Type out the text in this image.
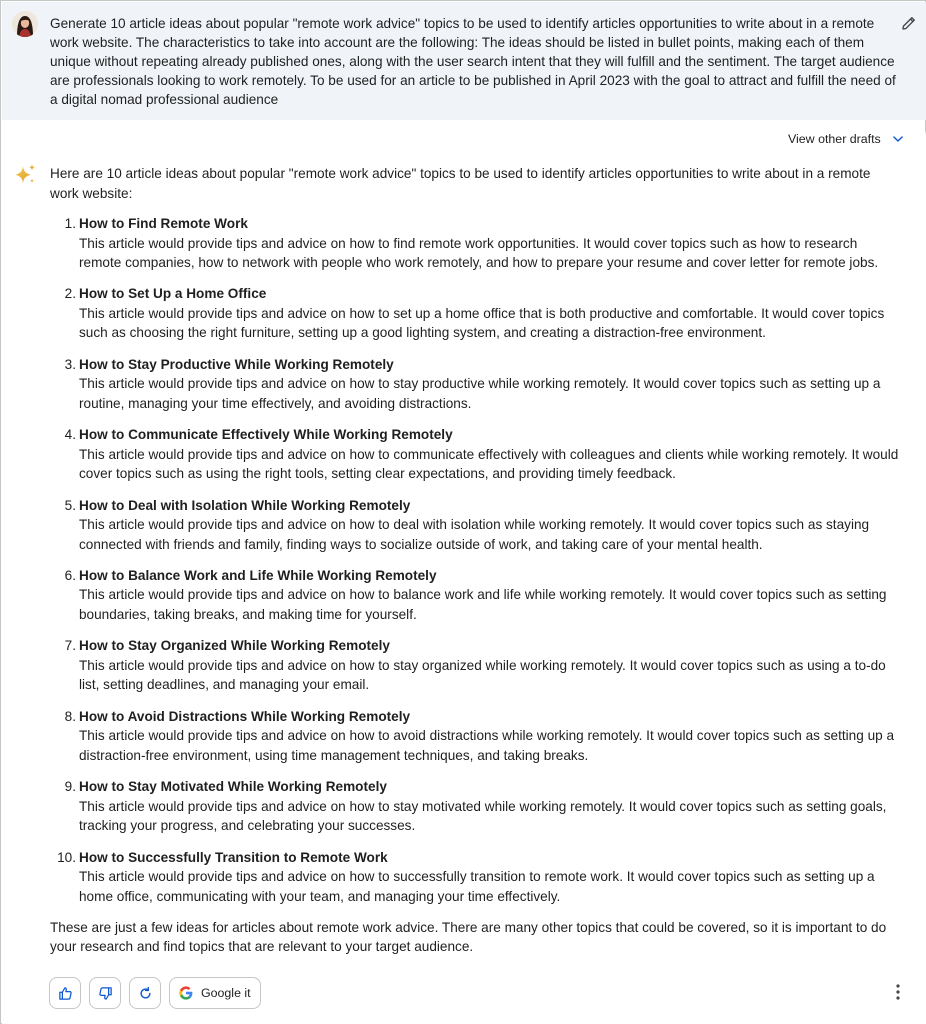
Generate 10 article ideas about popular "remote work advice" topics to be used to identify articles opportunities to write about in a remote work website. The characteristics to take into account are the following: The ideas should be listed in bullet points, making each of them unique without repeating already published ones, along with the user search intent that they will fulfill and the sentiment. The target audience are professionals looking to work remotely. To be used for an article to be published in April 2023 with the goal to attract and fulfill the need of a digital nomad professional audience
View other drafts

Here are 10 article ideas about popular "remote work advice" topics to be used to identify articles opportunities to write about in a remote work website:

1. How to Find Remote Work
This article would provide tips and advice on how to find remote work opportunities. It would cover topics such as how to research remote companies, how to network with people who work remotely, and how to prepare your resume and cover letter for remote jobs.
2. How to Set Up a Home Office
This article would provide tips and advice on how to set up a home office that is both productive and comfortable. It would cover topics such as choosing the right furniture, setting up a good lighting system, and creating a distraction-free environment.
3. How to Stay Productive While Working Remotely
This article would provide tips and advice on how to stay productive while working remotely. It would cover topics such as setting up a routine, managing your time effectively, and avoiding distractions.
4. How to Communicate Effectively While Working Remotely
This article would provide tips and advice on how to communicate effectively with colleagues and clients while working remotely. It would cover topics such as using the right tools, setting clear expectations, and providing timely feedback.
5. How to Deal with Isolation While Working Remotely
This article would provide tips and advice on how to deal with isolation while working remotely. It would cover topics such as staying connected with friends and family, finding ways to socialize outside of work, and taking care of your mental health.
6. How to Balance Work and Life While Working Remotely
This article would provide tips and advice on how to balance work and life while working remotely. It would cover topics such as setting boundaries, taking breaks, and making time for yourself.
7. How to Stay Organized While Working Remotely
This article would provide tips and advice on how to stay organized while working remotely. It would cover topics such as using a to-do list, setting deadlines, and managing your email.
8. How to Avoid Distractions While Working Remotely
This article would provide tips and advice on how to avoid distractions while working remotely. It would cover topics such as setting up a distraction-free environment, using time management techniques, and taking breaks.
9. How to Stay Motivated While Working Remotely
This article would provide tips and advice on how to stay motivated while working remotely. It would cover topics such as setting goals, tracking your progress, and celebrating your successes.
10. How to Successfully Transition to Remote Work
This article would provide tips and advice on how to successfully transition to remote work. It would cover topics such as setting up a home office, communicating with your team, and managing your time effectively.

These are just a few ideas for articles about remote work advice. There are many other topics that could be covered, so it is important to do your research and find topics that are relevant to your target audience.

Google it
